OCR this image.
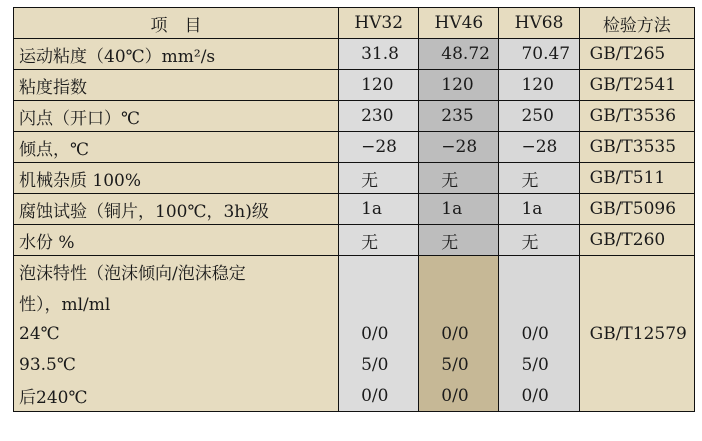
项　目	HV32	HV46	HV68	检验方法
运动粘度（40℃）mm²/s	31.8	48.72	70.47	GB/T265
粘度指数	120	120	120	GB/T2541
闪点（开口）℃	230	235	250	GB/T3536
倾点，℃	−28	−28	−28	GB/T3535
机械杂质 100%	无	无	无	GB/T511
腐蚀试验（铜片，100℃，3h)级	1a	1a	1a	GB/T5096
水份 %	无	无	无	GB/T260
泡沫特性（泡沫倾向/泡沫稳定				
性），ml/ml				
24℃	0/0	0/0	0/0	GB/T12579
93.5℃	5/0	5/0	5/0	
后240℃	0/0	0/0	0/0	
